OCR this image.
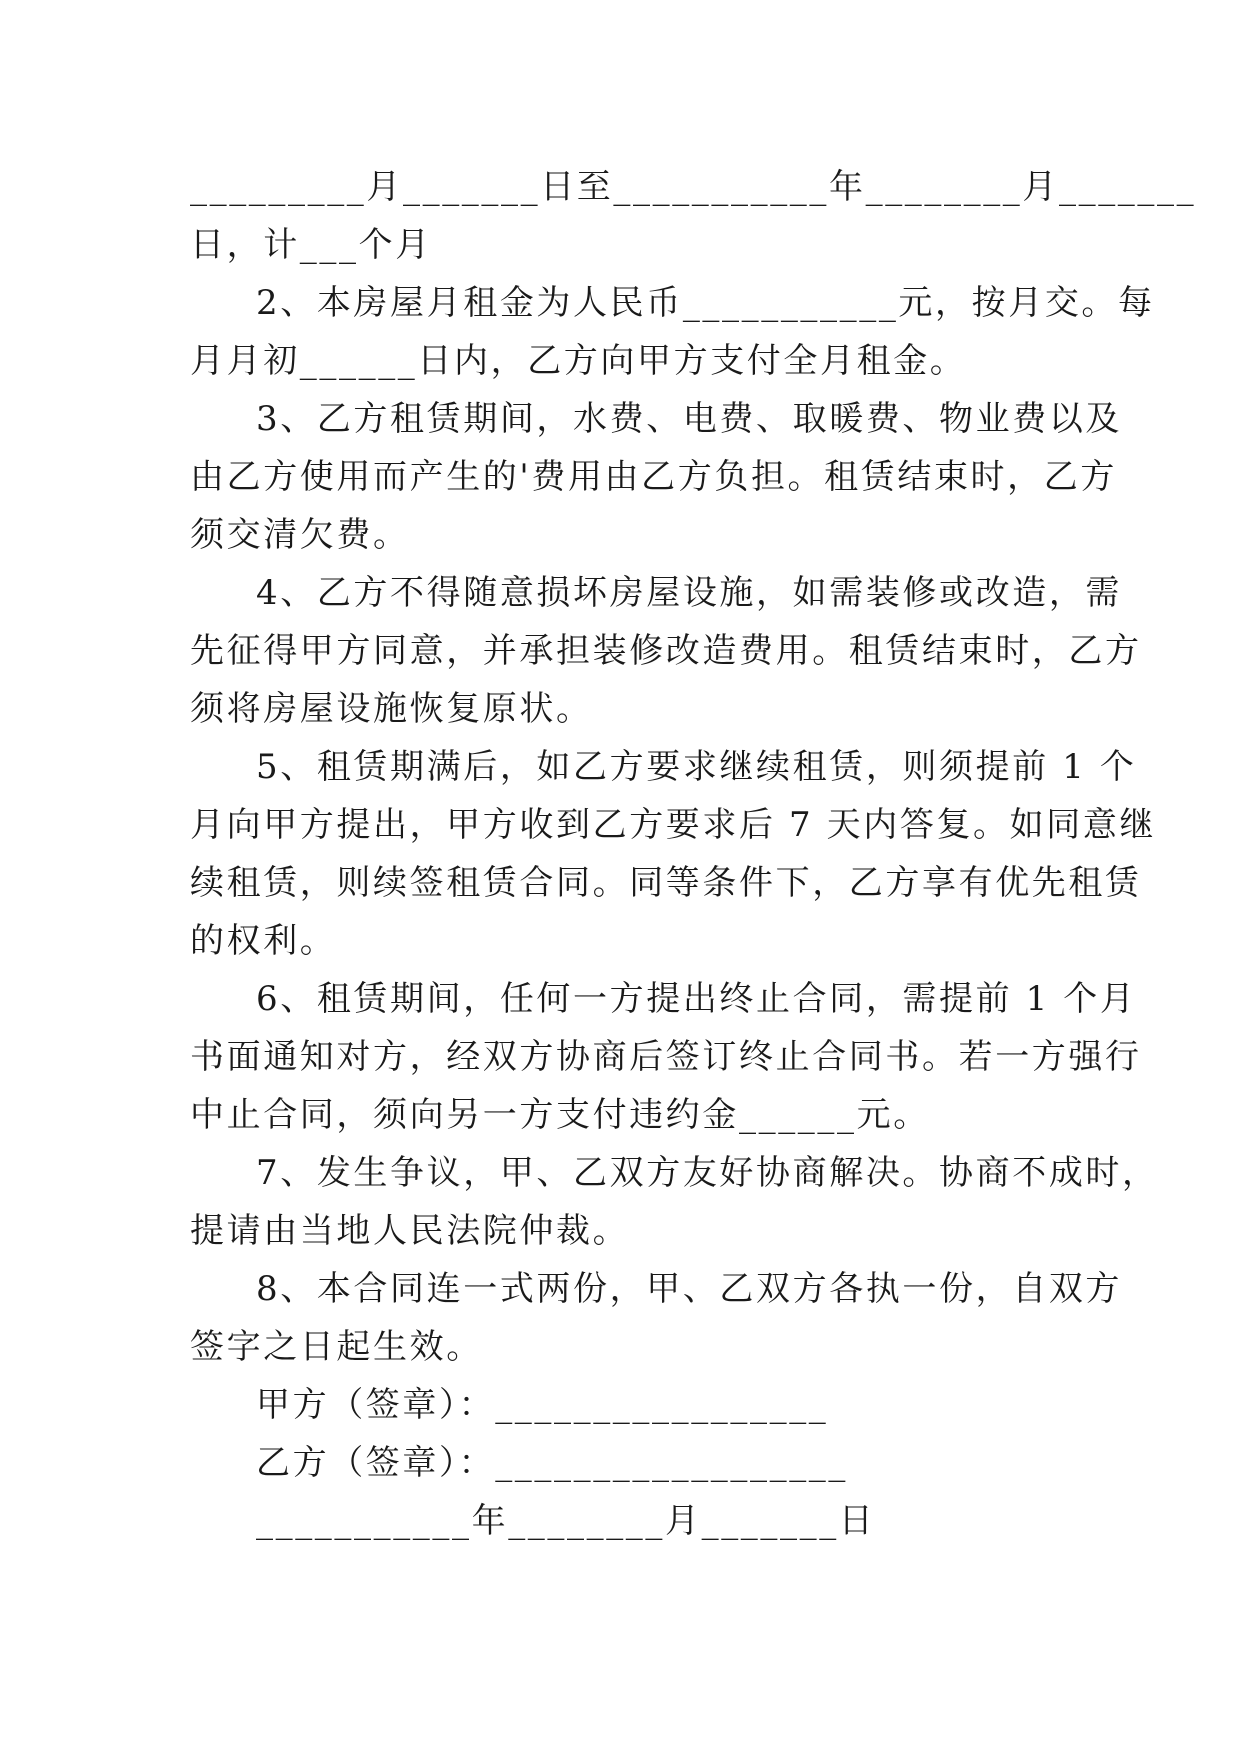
_________月_______日至___________年________月_______
日，计___个月
2、本房屋月租金为人民币___________元，按月交。每
月月初______日内，乙方向甲方支付全月租金。
3、乙方租赁期间，水费、电费、取暖费、物业费以及
由乙方使用而产生的'费用由乙方负担。租赁结束时，乙方
须交清欠费。
4、乙方不得随意损坏房屋设施，如需装修或改造，需
先征得甲方同意，并承担装修改造费用。租赁结束时，乙方
须将房屋设施恢复原状。
5、租赁期满后，如乙方要求继续租赁，则须提前 1 个
月向甲方提出，甲方收到乙方要求后 7 天内答复。如同意继
续租赁，则续签租赁合同。同等条件下，乙方享有优先租赁
的权利。
6、租赁期间，任何一方提出终止合同，需提前 1 个月
书面通知对方，经双方协商后签订终止合同书。若一方强行
中止合同，须向另一方支付违约金______元。
7、发生争议，甲、乙双方友好协商解决。协商不成时，
提请由当地人民法院仲裁。
8、本合同连一式两份，甲、乙双方各执一份，自双方
签字之日起生效。
甲方（签章）：_________________
乙方（签章）：__________________
___________年________月_______日
